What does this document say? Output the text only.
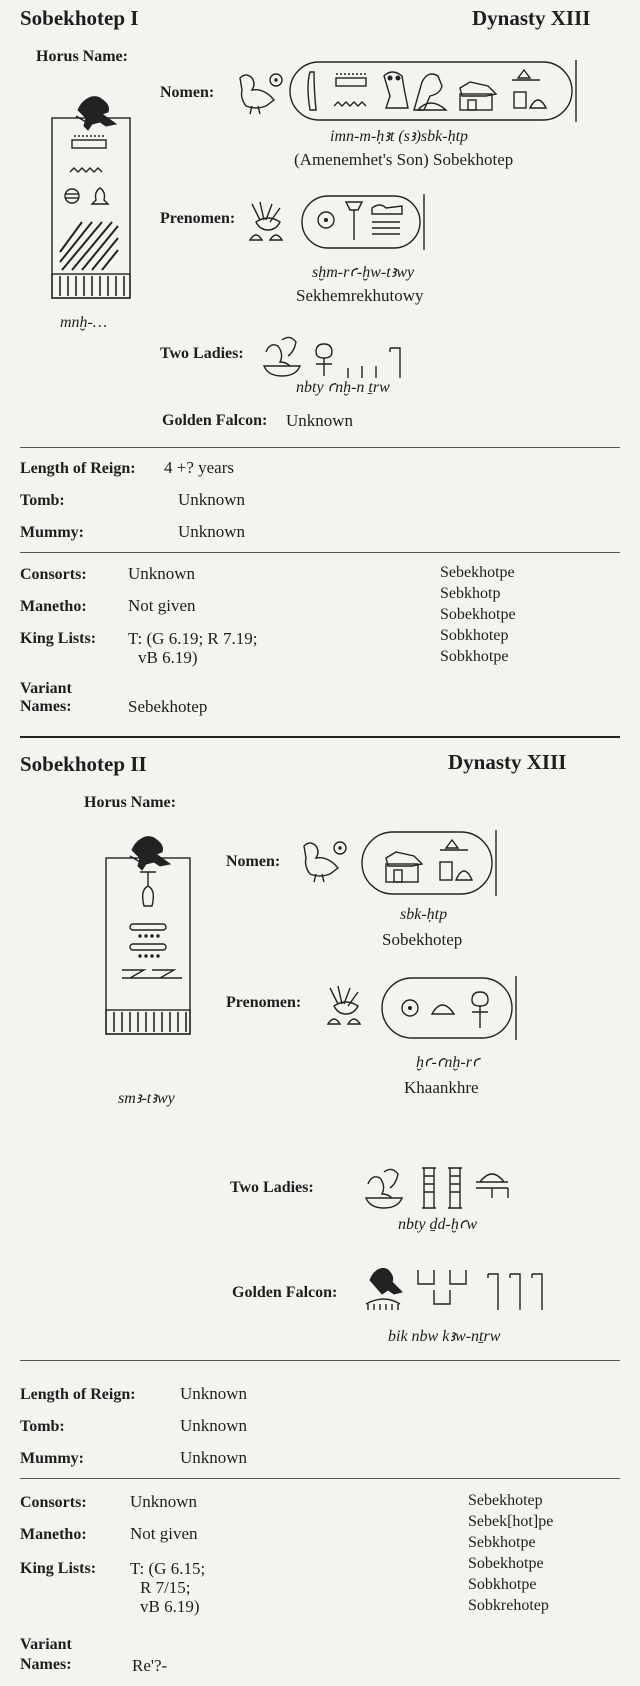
Sobekhotep I	Dynasty XIII
Horus Name:
mnḫ-…
Nomen:
imn-m-ḥꜣt (sꜣ)sbk-ḥtp
(Amenemhet's Son) Sobekhotep
Prenomen:
sḫm-rꜥ-ḫw-tꜣwy
Sekhemrekhutowy
Two Ladies:
nbty ꜥnḫ-n ṯrw
Golden Falcon: Unknown
Length of Reign: 4 +? years
Tomb:	Unknown
Mummy:	Unknown
Consorts: Unknown
Manetho: Not given
King Lists: T: (G 6.19; R 7.19;
vB 6.19)
Variant
Names:	Sebekhotep
Sebekhotpe
Sebkhotp
Sobekhotpe
Sobkhotep
Sobkhotpe
Sobekhotep II	Dynasty XIII
Horus Name:
smꜣ-tꜣwy
Nomen:
sbk-ḥtp
Sobekhotep
Prenomen:
ḫꜥ-ꜥnḫ-rꜥ
Khaankhre
Two Ladies:
nbty ḏd-ḫꜥw
Golden Falcon:
bik nbw kꜣw-nṯrw
Length of Reign:	Unknown
Tomb:	Unknown
Mummy:	Unknown
Consorts:	Unknown
Manetho:	Not given
King Lists: T: (G 6.15;
R 7/15;
vB 6.19)
Variant
Names:	Re'?-
Sebekhotep
Sebek[hot]pe
Sebkhotpe
Sobekhotpe
Sobkhotpe
Sobkrehotep
